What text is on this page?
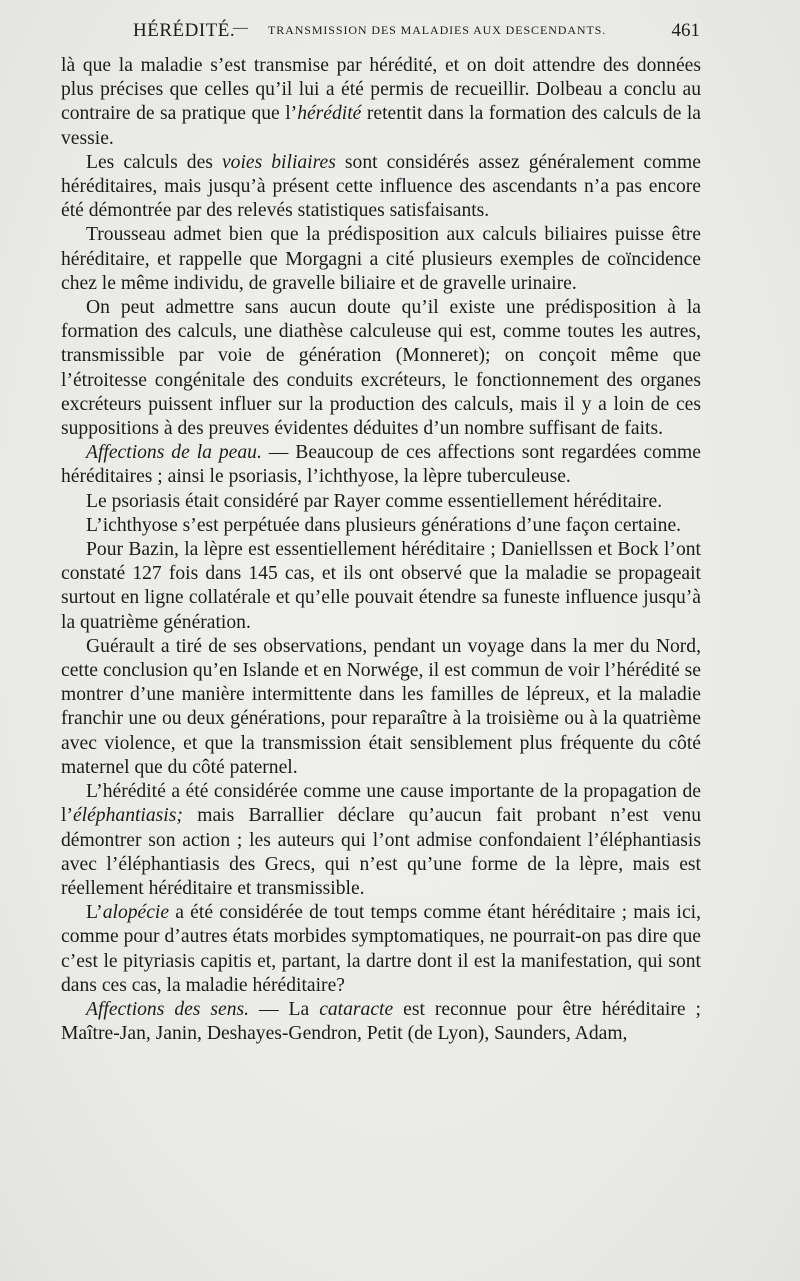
HÉRÉDITÉ.
— TRANSMISSION DES MALADIES AUX DESCENDANTS.	461

là que la maladie s’est transmise par hérédité, et on doit attendre des données plus précises que celles qu’il lui a été permis de recueillir. Dolbeau a conclu au contraire de sa pratique que l’hérédité retentit dans la formation des calculs de la vessie.

Les calculs des voies biliaires sont considérés assez généralement comme héréditaires, mais jusqu’à présent cette influence des ascendants n’a pas encore été démontrée par des relevés statistiques satisfaisants.

Trousseau admet bien que la prédisposition aux calculs biliaires puisse être héréditaire, et rappelle que Morgagni a cité plusieurs exemples de coïncidence chez le même individu, de gravelle biliaire et de gravelle urinaire.

On peut admettre sans aucun doute qu’il existe une prédisposition à la formation des calculs, une diathèse calculeuse qui est, comme toutes les autres, transmissible par voie de génération (Monneret); on conçoit même que l’étroitesse congénitale des conduits excréteurs, le fonctionnement des organes excréteurs puissent influer sur la production des calculs, mais il y a loin de ces suppositions à des preuves évidentes déduites d’un nombre suffisant de faits.

Affections de la peau. — Beaucoup de ces affections sont regardées comme héréditaires ; ainsi le psoriasis, l’ichthyose, la lèpre tuberculeuse.

Le psoriasis était considéré par Rayer comme essentiellement héréditaire.

L’ichthyose s’est perpétuée dans plusieurs générations d’une façon certaine.

Pour Bazin, la lèpre est essentiellement héréditaire ; Daniellssen et Bock l’ont constaté 127 fois dans 145 cas, et ils ont observé que la maladie se propageait surtout en ligne collatérale et qu’elle pouvait étendre sa funeste influence jusqu’à la quatrième génération.

Guérault a tiré de ses observations, pendant un voyage dans la mer du Nord, cette conclusion qu’en Islande et en Norwége, il est commun de voir l’hérédité se montrer d’une manière intermittente dans les familles de lépreux, et la maladie franchir une ou deux générations, pour reparaître à la troisième ou à la quatrième avec violence, et que la transmission était sensiblement plus fréquente du côté maternel que du côté paternel.

L’hérédité a été considérée comme une cause importante de la propagation de l’éléphantiasis; mais Barrallier déclare qu’aucun fait probant n’est venu démontrer son action ; les auteurs qui l’ont admise confondaient l’éléphantiasis avec l’éléphantiasis des Grecs, qui n’est qu’une forme de la lèpre, mais est réellement héréditaire et transmissible.

L’alopécie a été considérée de tout temps comme étant héréditaire ; mais ici, comme pour d’autres états morbides symptomatiques, ne pourrait-on pas dire que c’est le pityriasis capitis et, partant, la dartre dont il est la manifestation, qui sont dans ces cas, la maladie héréditaire?

Affections des sens. — La cataracte est reconnue pour être héréditaire ; Maître-Jan, Janin, Deshayes-Gendron, Petit (de Lyon), Saunders, Adam,
